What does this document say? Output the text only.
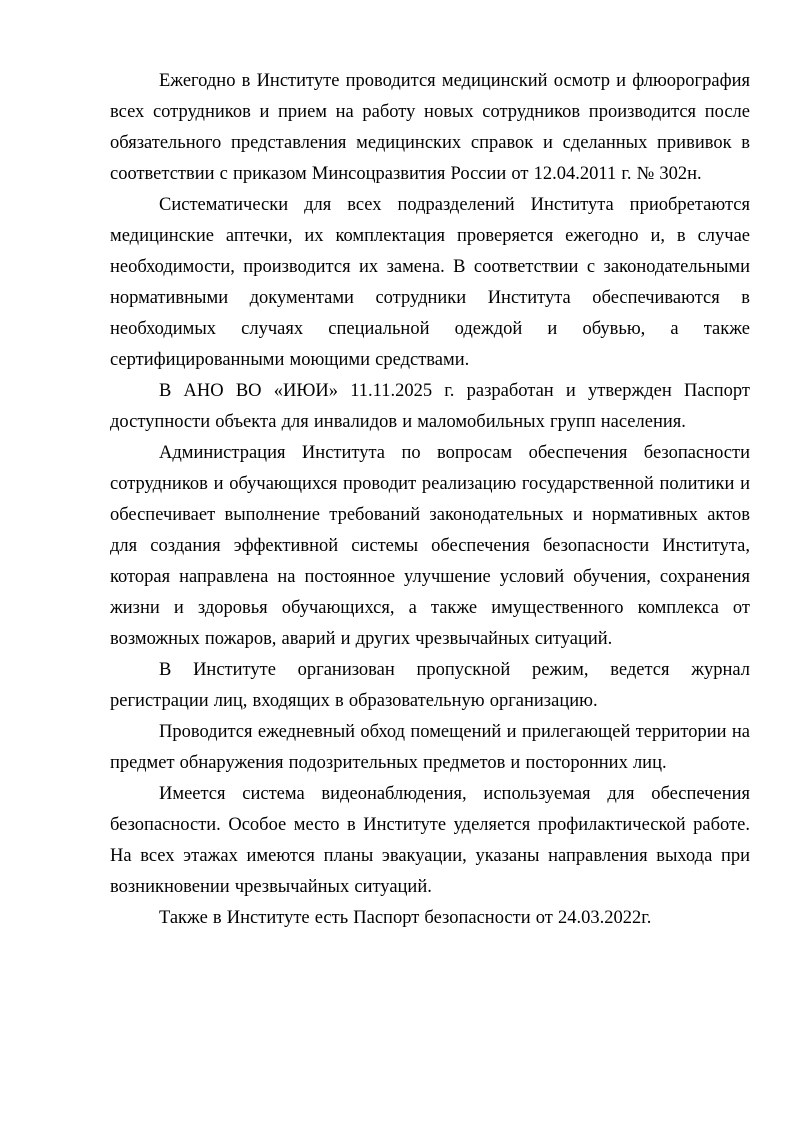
Ежегодно в Институте проводится медицинский осмотр и флюорография всех сотрудников и прием на работу новых сотрудников производится после обязательного представления медицинских справок и сделанных прививок в соответствии с приказом Минсоцразвития России от 12.04.2011 г. № 302н.

Систематически для всех подразделений Института приобретаются медицинские аптечки, их комплектация проверяется ежегодно и, в случае необходимости, производится их замена. В соответствии с законодательными нормативными документами сотрудники Института обеспечиваются в необходимых случаях специальной одеждой и обувью, а также сертифицированными моющими средствами.

В АНО ВО «ИЮИ» 11.11.2025 г. разработан и утвержден Паспорт доступности объекта для инвалидов и маломобильных групп населения.

Администрация Института по вопросам обеспечения безопасности сотрудников и обучающихся проводит реализацию государственной политики и обеспечивает выполнение требований законодательных и нормативных актов для создания эффективной системы обеспечения безопасности Института, которая направлена на постоянное улучшение условий обучения, сохранения жизни и здоровья обучающихся, а также имущественного комплекса от возможных пожаров, аварий и других чрезвычайных ситуаций.

В Институте организован пропускной режим, ведется журнал регистрации лиц, входящих в образовательную организацию.

Проводится ежедневный обход помещений и прилегающей территории на предмет обнаружения подозрительных предметов и посторонних лиц.

Имеется система видеонаблюдения, используемая для обеспечения безопасности. Особое место в Институте уделяется профилактической работе. На всех этажах имеются планы эвакуации, указаны направления выхода при возникновении чрезвычайных ситуаций.

Также в Институте есть Паспорт безопасности от 24.03.2022г.
